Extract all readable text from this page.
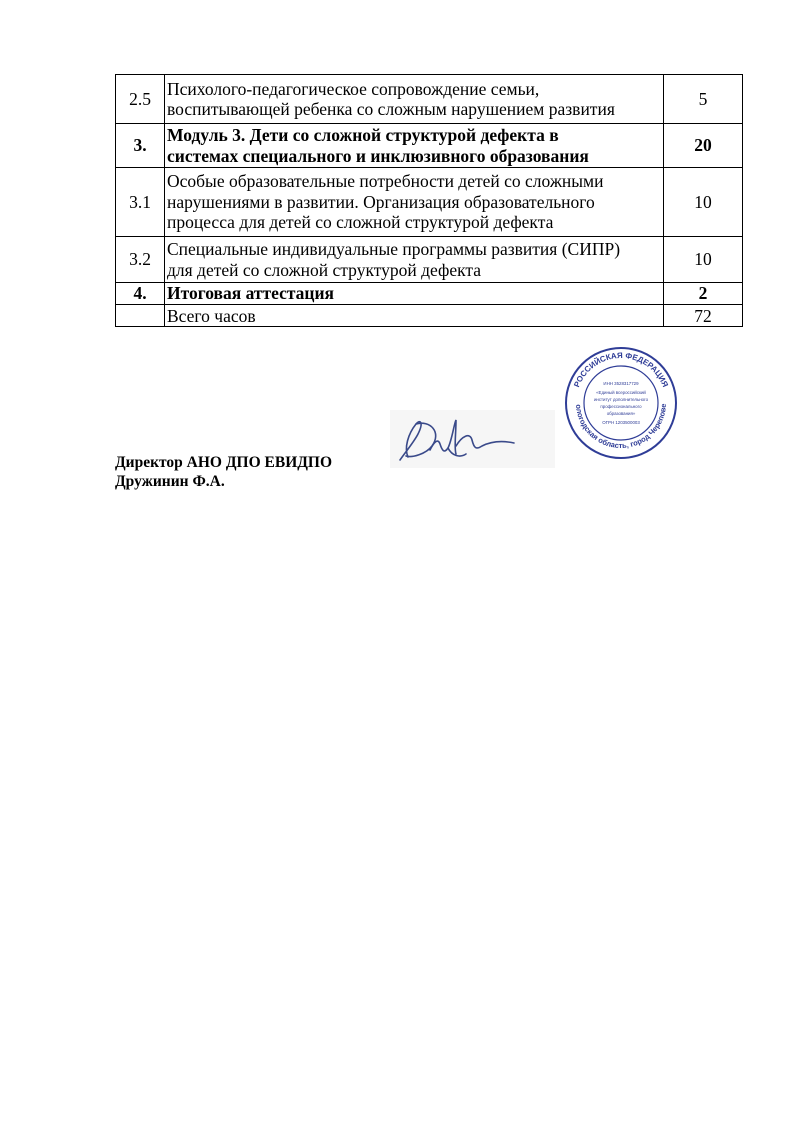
2.5	Психолого-педагогическое сопровождение семьи,
воспитывающей ребенка со сложным нарушением развития	5
3.	Модуль 3. Дети со сложной структурой дефекта в
системах специального и инклюзивного образования	20
3.1	Особые образовательные потребности детей со сложными
нарушениями в развитии. Организация образовательного
процесса для детей со сложной структурой дефекта	10
3.2	Специальные индивидуальные программы развития (СИПР)
для детей со сложной структурой дефекта	10
4.	Итоговая аттестация	2
	Всего часов	72
Директор АНО ДПО ЕВИДПО
Дружинин Ф.А.
РОССИЙСКАЯ ФЕДЕРАЦИЯ
ологодская область, город Черепове
ИНН 3528317729
«Единый всероссийский
институт дополнительного
профессионального
образования»
ОГРН 1203500003
